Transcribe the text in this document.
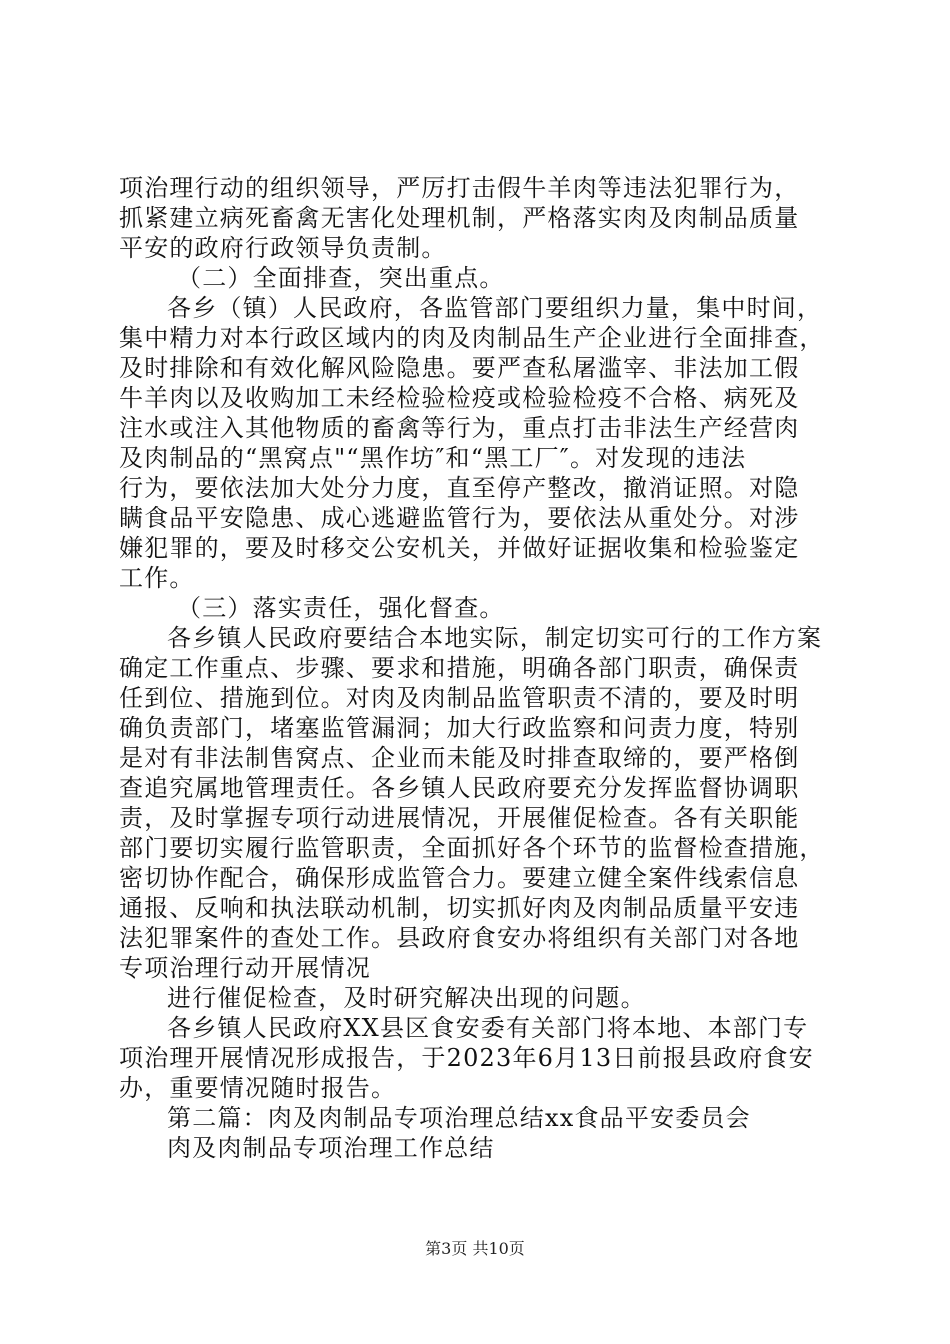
项治理行动的组织领导，严厉打击假牛羊肉等违法犯罪行为，
抓紧建立病死畜禽无害化处理机制，严格落实肉及肉制品质量
平安的政府行政领导负责制。
（二）全面排查，突出重点。
各乡（镇）人民政府，各监管部门要组织力量，集中时间，
集中精力对本行政区域内的肉及肉制品生产企业进行全面排查，
及时排除和有效化解风险隐患。要严查私屠滥宰、非法加工假
牛羊肉以及收购加工未经检验检疫或检验检疫不合格、病死及
注水或注入其他物质的畜禽等行为，重点打击非法生产经营肉
及肉制品的“黑窝点"“黑作坊″和“黑工厂″。对发现的违法
行为，要依法加大处分力度，直至停产整改，撤消证照。对隐
瞒食品平安隐患、成心逃避监管行为，要依法从重处分。对涉
嫌犯罪的，要及时移交公安机关，并做好证据收集和检验鉴定
工作。
（三）落实责任，强化督查。
各乡镇人民政府要结合本地实际，制定切实可行的工作方案
确定工作重点、步骤、要求和措施，明确各部门职责，确保责
任到位、措施到位。对肉及肉制品监管职责不清的，要及时明
确负责部门，堵塞监管漏洞；加大行政监察和问责力度，特别
是对有非法制售窝点、企业而未能及时排查取缔的，要严格倒
查追究属地管理责任。各乡镇人民政府要充分发挥监督协调职
责，及时掌握专项行动进展情况，开展催促检查。各有关职能
部门要切实履行监管职责，全面抓好各个环节的监督检查措施，
密切协作配合，确保形成监管合力。要建立健全案件线索信息
通报、反响和执法联动机制，切实抓好肉及肉制品质量平安违
法犯罪案件的查处工作。县政府食安办将组织有关部门对各地
专项治理行动开展情况
进行催促检查，及时研究解决出现的问题。
各乡镇人民政府XX县区食安委有关部门将本地、本部门专
项治理开展情况形成报告，于2023年6月13日前报县政府食安
办，重要情况随时报告。
第二篇：肉及肉制品专项治理总结xx食品平安委员会
肉及肉制品专项治理工作总结
第3页 共10页
